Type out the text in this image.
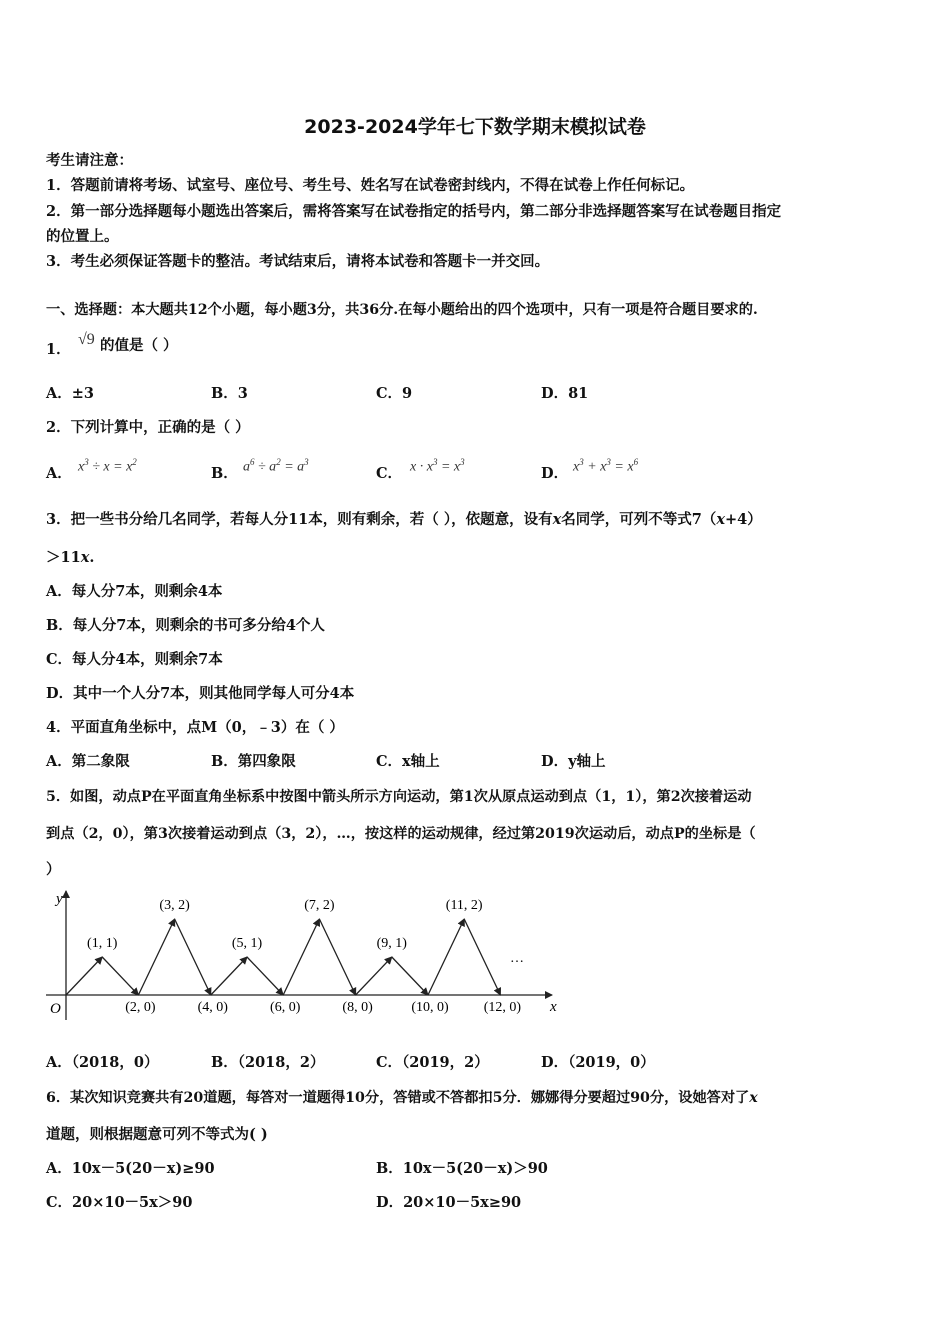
2023-2024学年七下数学期末模拟试卷
考生请注意：
1．答题前请将考场、试室号、座位号、考生号、姓名写在试卷密封线内，不得在试卷上作任何标记。
2．第一部分选择题每小题选出答案后，需将答案写在试卷指定的括号内，第二部分非选择题答案写在试卷题目指定
的位置上。
3．考生必须保证答题卡的整洁。考试结束后，请将本试卷和答题卡一并交回。
一、选择题：本大题共12个小题，每小题3分，共36分.在每小题给出的四个选项中，只有一项是符合题目要求的.
1．
√9 的值是（ ）
A．±3	B．3	C．9	D．81
2．下列计算中，正确的是（ ）
A． $x^3 \div x = x^2$
B． $a^6 \div a^2 = a^3$
C． $x \cdot x^3 = x^3$
D． $x^3 + x^3 = x^6$
3．把一些书分给几名同学，若每人分11本，则有剩余，若（ ），依题意，设有x名同学，可列不等式7（x+4）
＞11x.
A．每人分7本，则剩余4本
B．每人分7本，则剩余的书可多分给4个人
C．每人分4本，则剩余7本
D．其中一个人分7本，则其他同学每人可分4本
4．平面直角坐标中，点M（0，﹣3）在（ ）
A．第二象限	B．第四象限	C．x轴上	D．y轴上
5．如图，动点P在平面直角坐标系中按图中箭头所示方向运动，第1次从原点运动到点（1，1），第2次接着运动
到点（2，0），第3次接着运动到点（3，2），…，按这样的运动规律，经过第2019次运动后，动点P的坐标是（
）
y
x
O
…
(1, 1)
(2, 0)
(3, 2)
(4, 0)
(5, 1)
(6, 0)
(7, 2)
(8, 0)
(9, 1)
(10, 0)
(11, 2)
(12, 0)
A．（2018，0）	B．（2018，2）	C．（2019，2）	D．（2019，0）
6．某次知识竞赛共有20道题，每答对一道题得10分，答错或不答都扣5分．娜娜得分要超过90分，设她答对了x
道题，则根据题意可列不等式为( )
A．10x－5(20－x)≥90	B．10x－5(20－x)＞90
C．20×10－5x＞90	D．20×10－5x≥90
